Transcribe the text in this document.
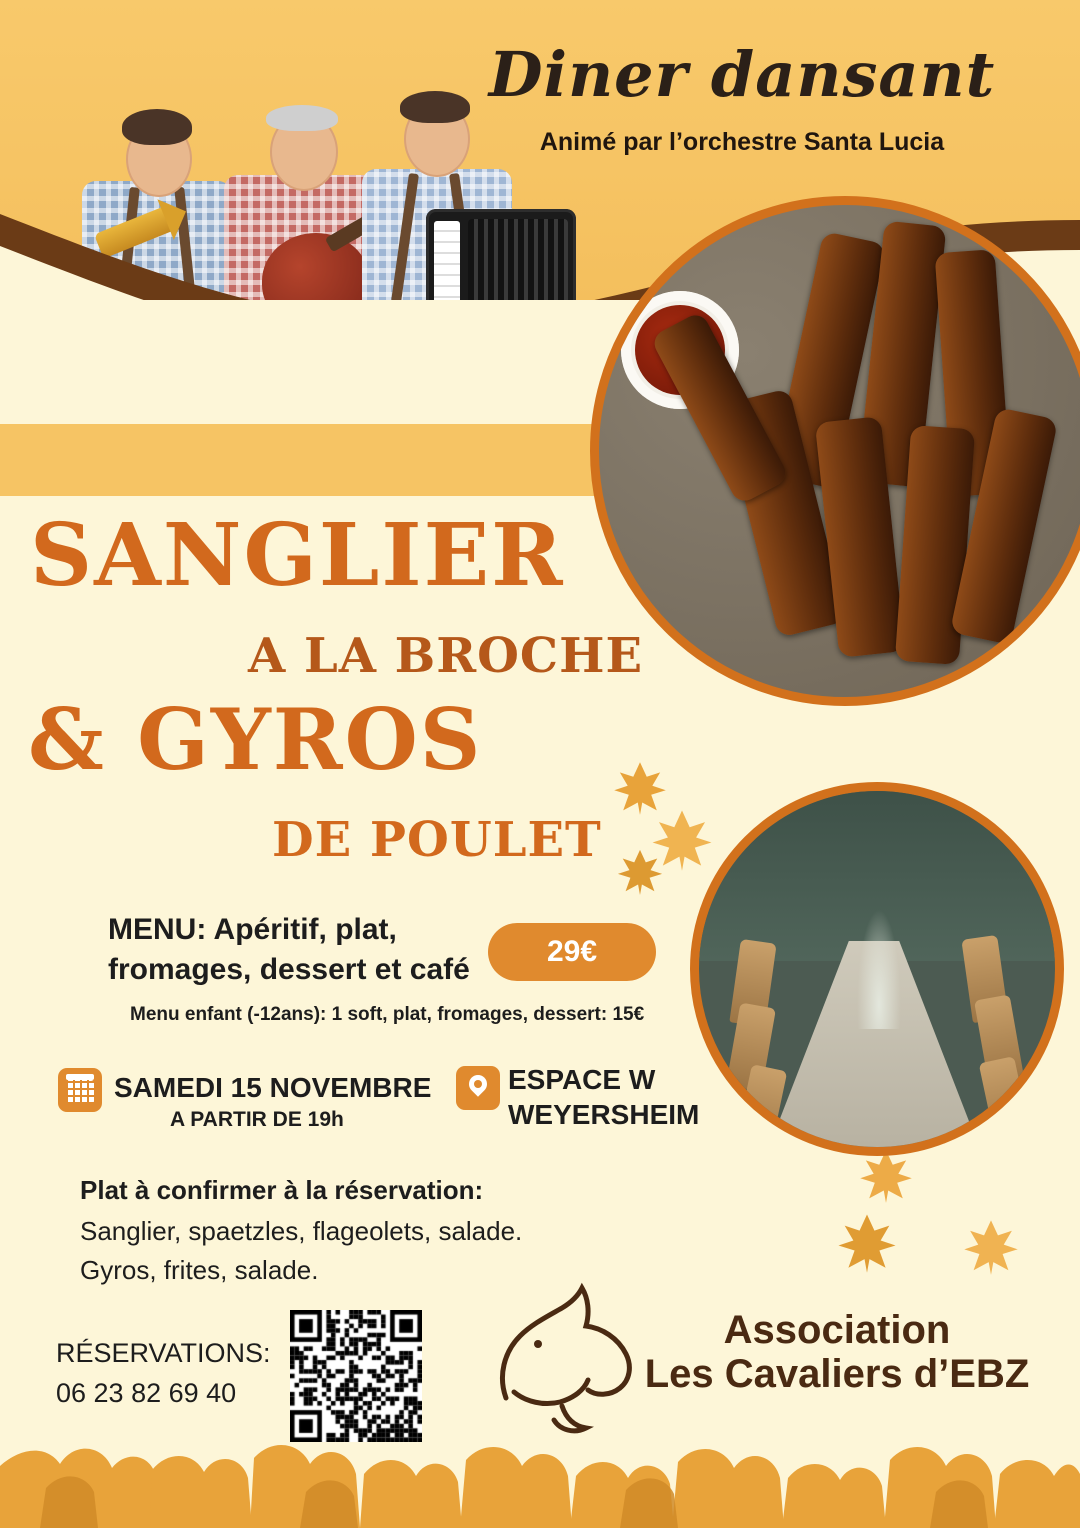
Diner dansant
Animé par l’orchestre Santa Lucia
SANGLIER
A LA BROCHE
& GYROS
DE POULET
MENU: Apéritif, plat, fromages, dessert et café
29€
Menu enfant (-12ans): 1 soft, plat, fromages, dessert: 15€
SAMEDI 15 NOVEMBRE
A PARTIR DE 19h
ESPACE W
WEYERSHEIM
Plat à confirmer à la réservation:
Sanglier, spaetzles, flageolets, salade.
Gyros, frites, salade.
RÉSERVATIONS:
06 23 82 69 40
Association
Les Cavaliers d’EBZ
